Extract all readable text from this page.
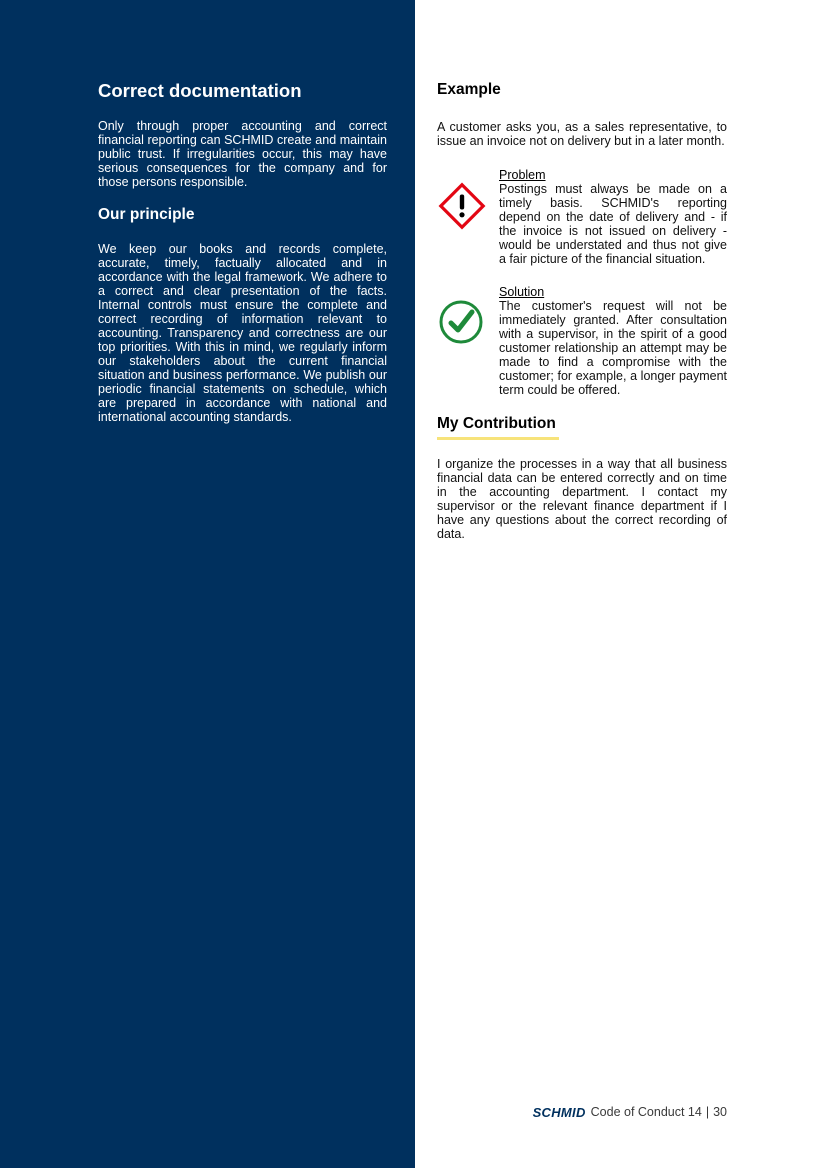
Correct documentation

Only through proper accounting and correct financial reporting can SCHMID create and maintain public trust. If irregularities occur, this may have serious consequences for the company and for those persons responsible.

Our principle

We keep our books and records complete, accurate, timely, factually allocated and in accordance with the legal framework. We adhere to a correct and clear presentation of the facts. Internal controls must ensure the complete and correct recording of information relevant to accounting. Transparency and correctness are our top priorities. With this in mind, we regularly inform our stakeholders about the current financial situation and business performance. We publish our periodic financial statements on schedule, which are prepared in accordance with national and international accounting standards.

Example

A customer asks you, as a sales representative, to issue an invoice not on delivery but in a later month.

Problem

Postings must always be made on a timely basis. SCHMID's reporting depend on the date of delivery and - if the invoice is not issued on delivery - would be understated and thus not give a fair picture of the financial situation.

Solution

The customer's request will not be immediately granted. After consultation with a supervisor, in the spirit of a good customer relationship an attempt may be made to find a compromise with the customer; for example, a longer payment term could be offered.

My Contribution

I organize the processes in a way that all business financial data can be entered correctly and on time in the accounting department. I contact my supervisor or the relevant finance department if I have any questions about the correct recording of data.

SCHMID Code of Conduct 14 | 30
